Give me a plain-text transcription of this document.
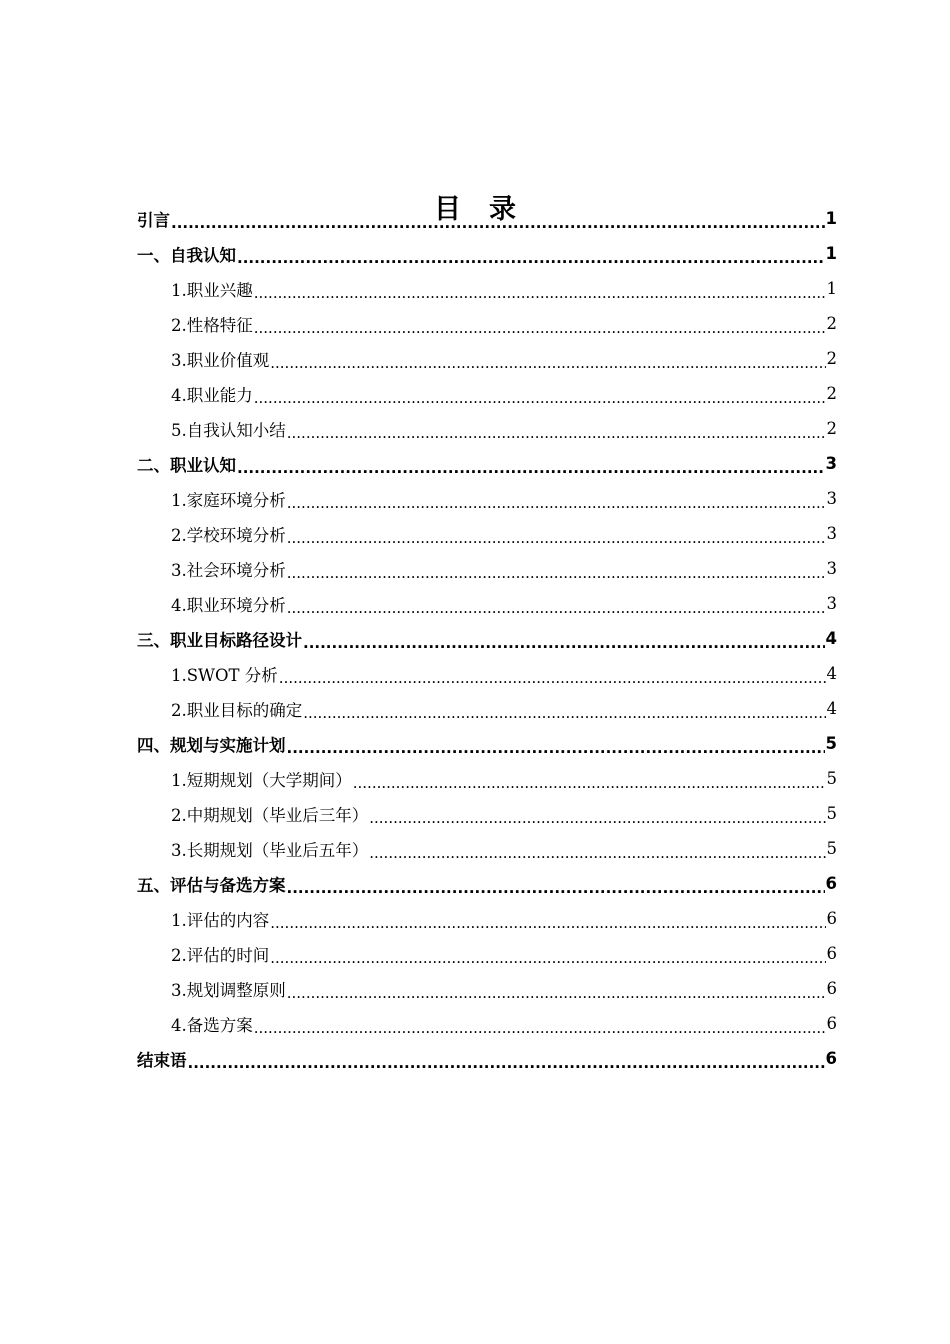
目录
引言 .....	1
一、自我认知 .....	1
1.职业兴趣 .....	1
2.性格特征 .....	2
3.职业价值观 .....	2
4.职业能力 .....	2
5.自我认知小结 .....	2
二、职业认知 .....	3
1.家庭环境分析 .....	3
2.学校环境分析 .....	3
3.社会环境分析 .....	3
4.职业环境分析 .....	3
三、职业目标路径设计 .....	4
1.SWOT 分析 .....	4
2.职业目标的确定 .....	4
四、规划与实施计划 .....	5
1.短期规划（大学期间） .....	5
2.中期规划（毕业后三年） .....	5
3.长期规划（毕业后五年） .....	5
五、评估与备选方案 .....	6
1.评估的内容 .....	6
2.评估的时间 .....	6
3.规划调整原则 .....	6
4.备选方案 .....	6
结束语 .....	6
